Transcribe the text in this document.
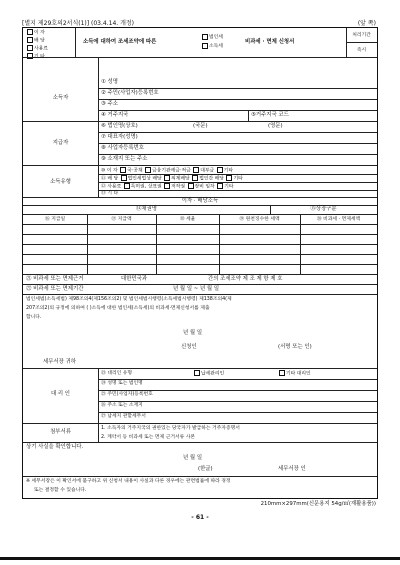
[별지 제29호의2서식(1)] (03.4.14. 개정)	(앞 쪽)
이 자
배 당
사용료
소득에 대하여 조세조약에 따른
법인세
소득세
비과세 · 면제 신청서
처리기간
즉시
소득자
① 성명
② 주민(사업자)등록번호
③ 주소
④ 거주지국	⑤거주지국 코드
지급자
⑥ 법인명(상호)	(국문)	(영문)
⑦ 대표자(성명)
⑧ 사업자등록번호
⑨ 소재지 또는 주소
소득유형
⑩ 이 자 국·공채 금융기관예금·적금 대부금 기타
⑪ 배 당 법인세법상 배당 의제배당 법인간 배당 기타
⑫ 사용료 특허권, 상표권 저작권 장비 임차 기타
⑬ 기 타
이자 · 배당소득
⑭채권명	⑮상장구분
⑯ 지급일	⑰ 지급액	⑱ 세율	⑲ 원천징수한 세액	⑳ 비과세 · 면제세액
㉑ 비과세 또는 면제근거	대한민국과	간의 조세조약 제 조 제 항 제 호
㉒ 비과세 또는 면제기간	년 월 일 ~ 년 월 일
법인세법(소득세법) 제98조의4(제156조의2) 및 법인세법시행령(소득세법시행령) 제138조의4(제
207조의2)의 규정에 의하여 ( )소득에 대한 법인세(소득세)의 비과세·면제신청서를 제출
합니다.
년 월 일
신청인	(서명 또는 인)
세무서장 귀하
대 리 인
㉓ 대리인 유형	납세관리인	기타 대리인
㉔ 성명 또는 법인명
㉕ 주민(사업자)등록번호
㉖ 주소 또는 소재지
㉗ 납세지 관할세무서
첨부서류
1. 소득자의 거주지국의 권한있는 당국자가 발급하는 거주자증명서
2. 계약서 등 비과세 또는 면제 근거서류 사본
상기 사실을 확인합니다.
년 월 일
(한글)	세무서장 인
※ 세무서장은 이 확인서에 불구하고 위 신청서 내용이 사실과 다른 경우에는 관련법률에 따라 경정
또는 결정할 수 있습니다.
210mm×297mm(신문용지 54g/㎡(재활용품))
- 61 -
